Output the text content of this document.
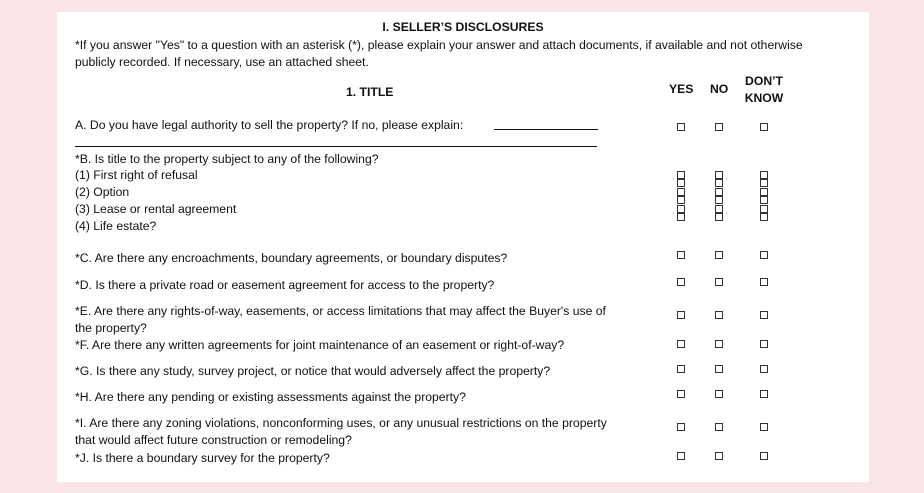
I. SELLER’S DISCLOSURES
*If you answer "Yes" to a question with an asterisk (*), please explain your answer and attach documents, if available and not otherwise
publicly recorded. If necessary, use an attached sheet.
1. TITLE	YES NO
DON’T
KNOW
A. Do you have legal authority to sell the property? If no, please explain:
*B. Is title to the property subject to any of the following?
(1) First right of refusal
(2) Option
(3) Lease or rental agreement
(4) Life estate?
*C. Are there any encroachments, boundary agreements, or boundary disputes?
*D. Is there a private road or easement agreement for access to the property?
*E. Are there any rights-of-way, easements, or access limitations that may affect the Buyer's use of
the property?
*F. Are there any written agreements for joint maintenance of an easement or right-of-way?
*G. Is there any study, survey project, or notice that would adversely affect the property?
*H. Are there any pending or existing assessments against the property?
*I. Are there any zoning violations, nonconforming uses, or any unusual restrictions on the property
that would affect future construction or remodeling?
*J. Is there a boundary survey for the property?
